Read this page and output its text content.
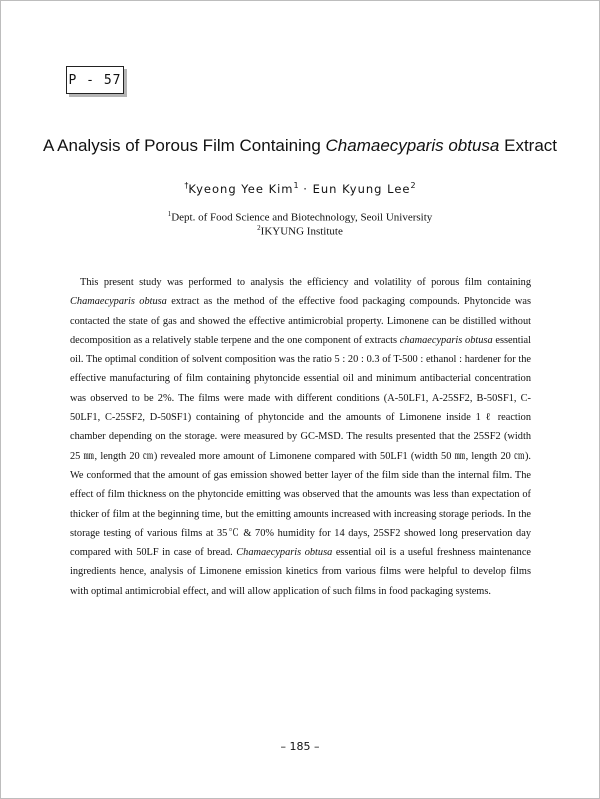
P - 57
A Analysis of Porous Film Containing Chamaecyparis obtusa Extract
†Kyeong Yee Kim$^1$ · Eun Kyung Lee$^2$
$^1$Dept. of Food Science and Biotechnology, Seoil University
$^2$IKYUNG Institute

This present study was performed to analysis the efficiency and volatility of porous film containing Chamaecyparis obtusa extract as the method of the effective food packaging compounds. Phytoncide was contacted the state of gas and showed the effective antimicrobial property. Limonene can be distilled without decomposition as a relatively stable terpene and the one component of extracts chamaecyparis obtusa essential oil. The optimal condition of solvent composition was the ratio 5 : 20 : 0.3 of T-500 : ethanol : hardener for the effective manufacturing of film containing phytoncide essential oil and minimum antibacterial concentration was observed to be 2%. The films were made with different conditions (A-50LF1, A-25SF2, B-50SF1, C-50LF1, C-25SF2, D-50SF1) containing of phytoncide and the amounts of Limonene inside 1 ℓ reaction chamber depending on the storage. were measured by GC-MSD. The results presented that the 25SF2 (width 25 ㎜, length 20 ㎝) revealed more amount of Limonene compared with 50LF1 (width 50 ㎜, length 20 ㎝). We conformed that the amount of gas emission showed better layer of the film side than the internal film. The effect of film thickness on the phytoncide emitting was observed that the amounts was less than expectation of thicker of film at the beginning time, but the emitting amounts increased with increasing storage periods. In the storage testing of various films at 35℃ & 70% humidity for 14 days, 25SF2 showed long preservation day compared with 50LF in case of bread. Chamaecyparis obtusa essential oil is a useful freshness maintenance ingredients hence, analysis of Limonene emission kinetics from various films were helpful to develop films with optimal antimicrobial effect, and will allow application of such films in food packaging systems.

– 185 –
